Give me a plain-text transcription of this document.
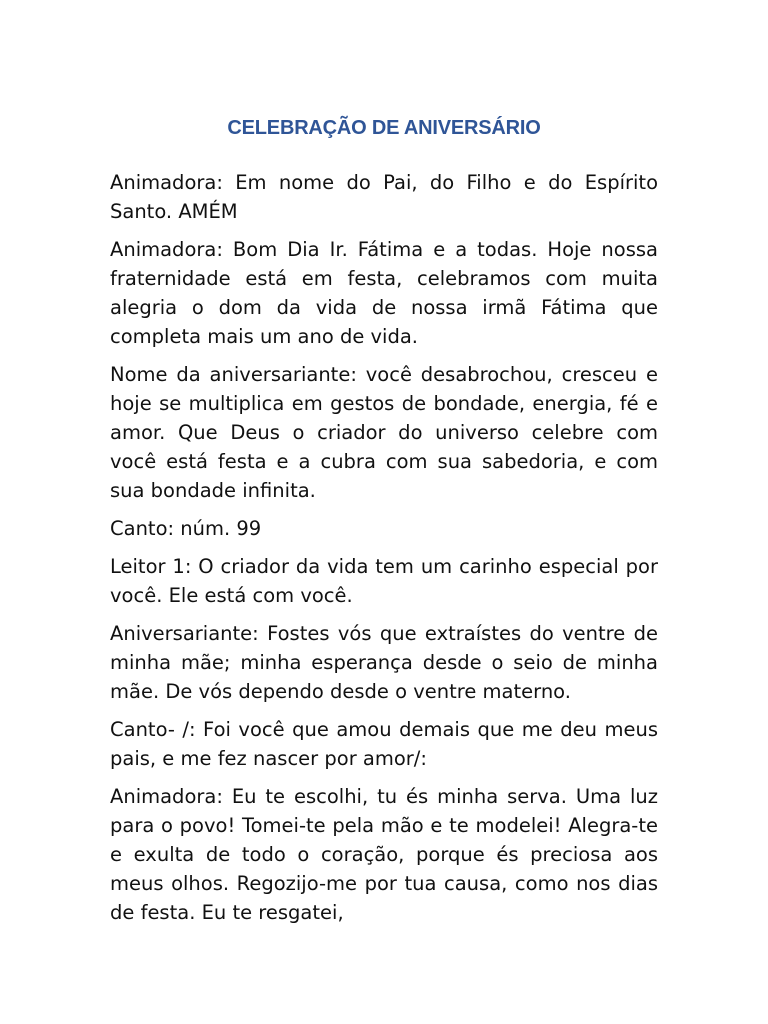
CELEBRAÇÃO DE ANIVERSÁRIO

Animadora: Em nome do Pai, do Filho e do Espírito Santo. AMÉM

Animadora: Bom Dia Ir. Fátima e a todas. Hoje nossa fraternidade está em festa, celebramos com muita alegria o dom da vida de nossa irmã Fátima que completa mais um ano de vida.

Nome da aniversariante: você desabrochou, cresceu e hoje se multiplica em gestos de bondade, energia, fé e amor. Que Deus o criador do universo celebre com você está festa e a cubra com sua sabedoria, e com sua bondade infinita.

Canto: núm. 99

Leitor 1: O criador da vida tem um carinho especial por você. Ele está com você.

Aniversariante: Fostes vós que extraístes do ventre de minha mãe; minha esperança desde o seio de minha mãe. De vós dependo desde o ventre materno.

Canto- /: Foi você que amou demais que me deu meus pais, e me fez nascer por amor/:

Animadora: Eu te escolhi, tu és minha serva. Uma luz para o povo! Tomei-te pela mão e te modelei! Alegra-te e exulta de todo o coração, porque és preciosa aos meus olhos. Regozijo-me por tua causa, como nos dias de festa. Eu te resgatei,
